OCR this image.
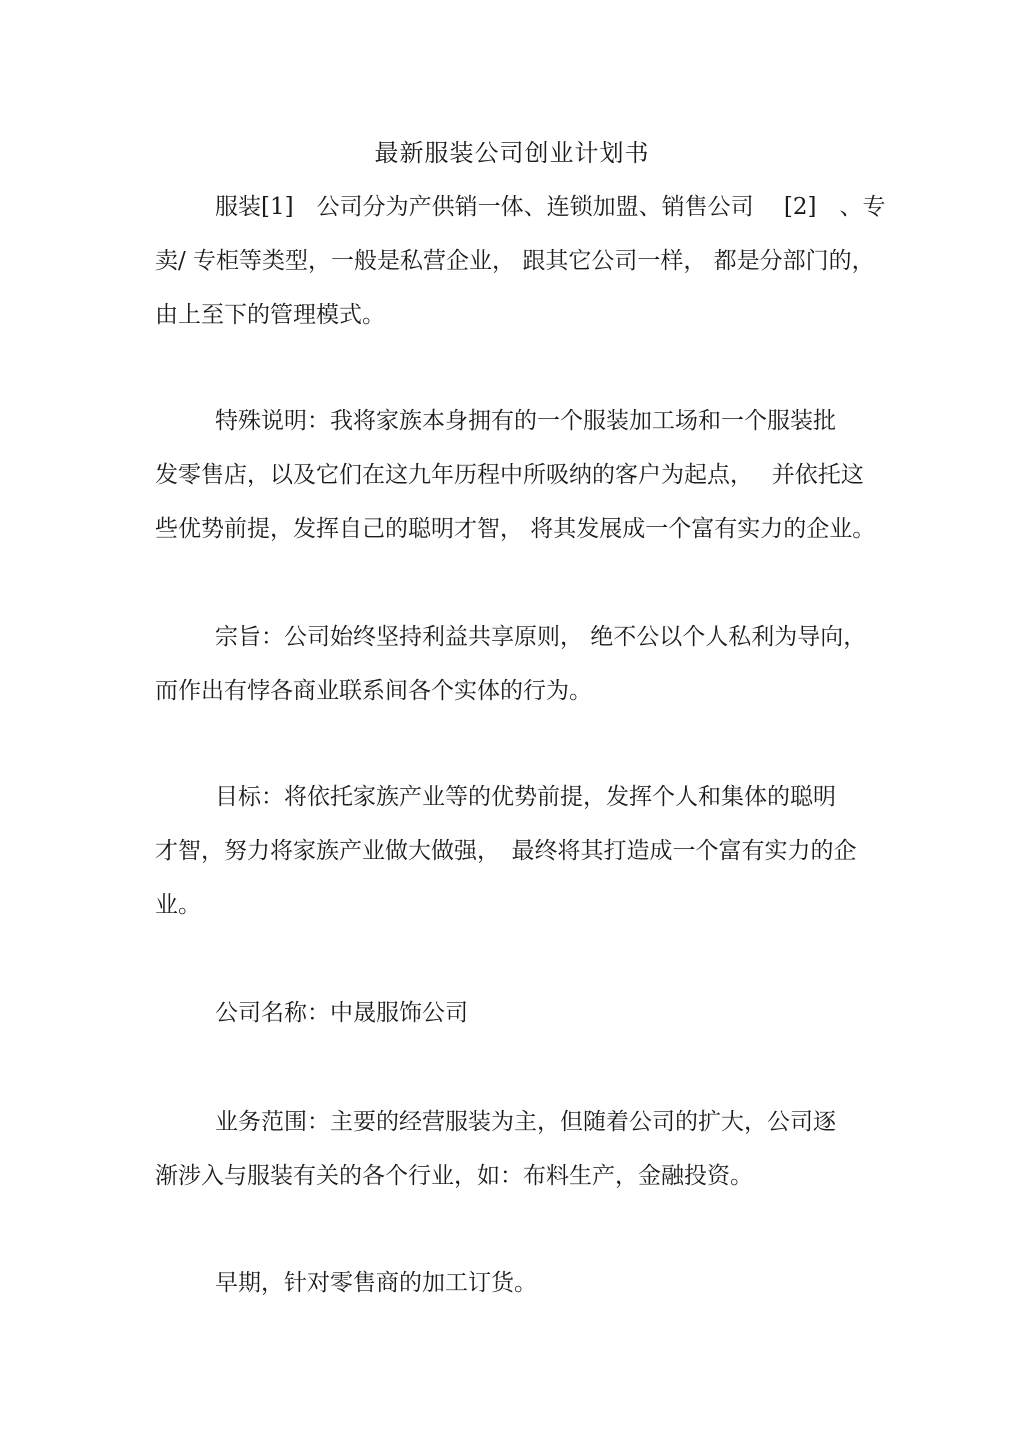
最新服装公司创业计划书
服装[1]　公司分为产供销一体、连锁加盟、销售公司　 [2]　、专
卖/ 专柜等类型，一般是私营企业， 跟其它公司一样， 都是分部门的，
由上至下的管理模式。
特殊说明：我将家族本身拥有的一个服装加工场和一个服装批
发零售店，以及它们在这九年历程中所吸纳的客户为起点，　 并依托这
些优势前提，发挥自己的聪明才智， 将其发展成一个富有实力的企业。
宗旨：公司始终坚持利益共享原则， 绝不公以个人私利为导向，
而作出有悖各商业联系间各个实体的行为。
目标：将依托家族产业等的优势前提，发挥个人和集体的聪明
才智，努力将家族产业做大做强，　最终将其打造成一个富有实力的企
业。
公司名称：中晟服饰公司
业务范围：主要的经营服装为主，但随着公司的扩大，公司逐
渐涉入与服装有关的各个行业，如：布料生产，金融投资。
早期，针对零售商的加工订货。
